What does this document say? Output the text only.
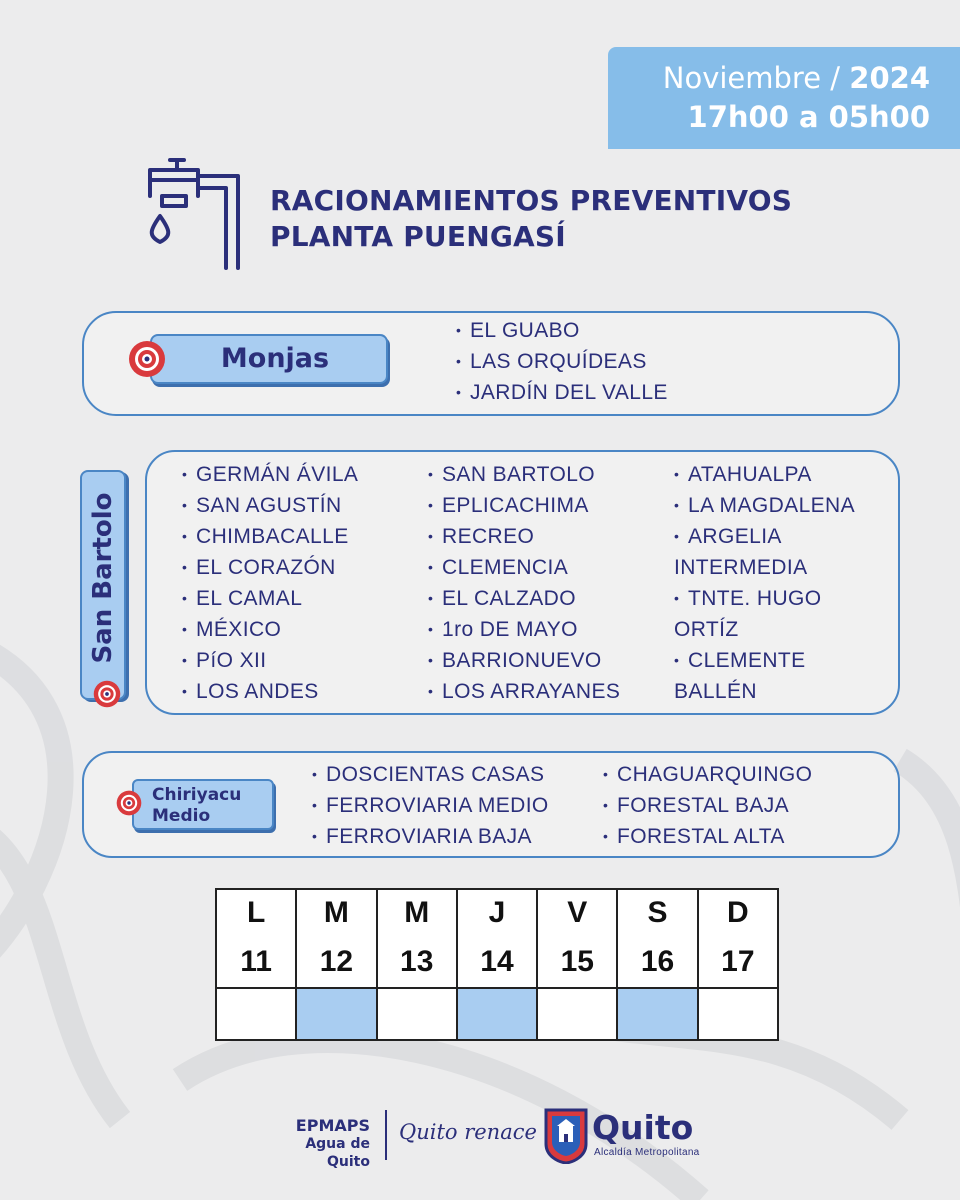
Noviembre / 2024
17h00 a 05h00
RACIONAMIENTOS PREVENTIVOS
PLANTA PUENGASÍ
Monjas
• EL GUABO
• LAS ORQUÍDEAS
• JARDÍN DEL VALLE
San Bartolo
• GERMÁN ÁVILA
• SAN AGUSTÍN
• CHIMBACALLE
• EL CORAZÓN
• EL CAMAL
• MÉXICO
• PíO XII
• LOS ANDES
• SAN BARTOLO
• EPLICACHIMA
• RECREO
• CLEMENCIA
• EL CALZADO
• 1ro DE MAYO
• BARRIONUEVO
• LOS ARRAYANES
• ATAHUALPA
• LA MAGDALENA
• ARGELIA
INTERMEDIA
• TNTE. HUGO
ORTÍZ
• CLEMENTE
BALLÉN
Chiriyacu
Medio
• DOSCIENTAS CASAS
• FERROVIARIA MEDIO
• FERROVIARIA BAJA
• CHAGUARQUINGO
• FORESTAL BAJA
• FORESTAL ALTA
L	M	M	J	V	S	D
11	12	13	14	15	16	17

EPMAPS
Agua de Quito
Quito renace Quito
Alcaldía Metropolitana
